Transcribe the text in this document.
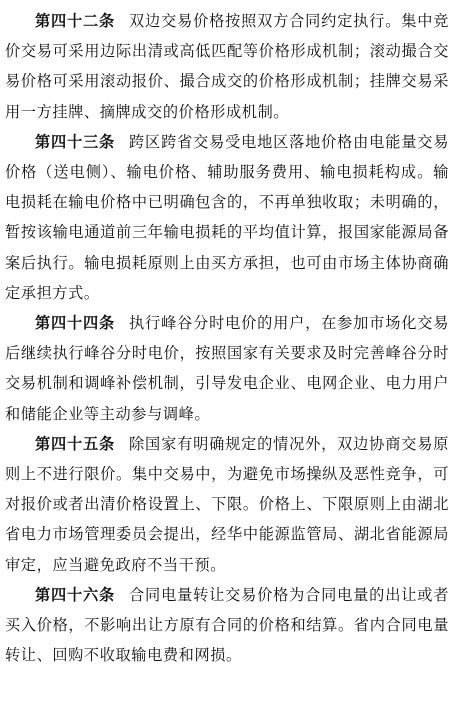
第四十二条 双边交易价格按照双方合同约定执行。集中竞价交易可采用边际出清或高低匹配等价格形成机制；滚动撮合交易价格可采用滚动报价、撮合成交的价格形成机制；挂牌交易采用一方挂牌、摘牌成交的价格形成机制。

第四十三条 跨区跨省交易受电地区落地价格由电能量交易价格（送电侧）、输电价格、辅助服务费用、输电损耗构成。输电损耗在输电价格中已明确包含的，不再单独收取；未明确的，暂按该输电通道前三年输电损耗的平均值计算，报国家能源局备案后执行。输电损耗原则上由买方承担，也可由市场主体协商确定承担方式。

第四十四条 执行峰谷分时电价的用户，在参加市场化交易后继续执行峰谷分时电价，按照国家有关要求及时完善峰谷分时交易机制和调峰补偿机制，引导发电企业、电网企业、电力用户和储能企业等主动参与调峰。

第四十五条 除国家有明确规定的情况外，双边协商交易原则上不进行限价。集中交易中，为避免市场操纵及恶性竞争，可对报价或者出清价格设置上、下限。价格上、下限原则上由湖北省电力市场管理委员会提出，经华中能源监管局、湖北省能源局审定，应当避免政府不当干预。

第四十六条 合同电量转让交易价格为合同电量的出让或者买入价格，不影响出让方原有合同的价格和结算。省内合同电量转让、回购不收取输电费和网损。
